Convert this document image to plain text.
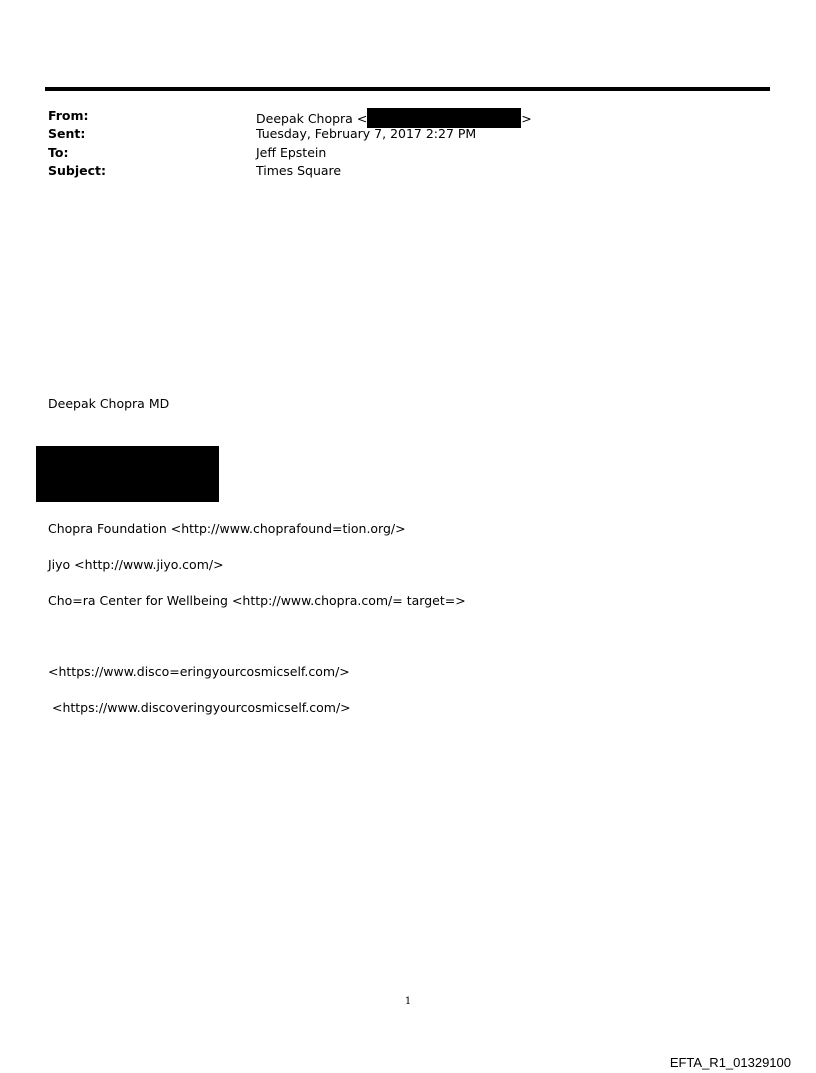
From:	Deepak Chopra <	>
Sent:	Tuesday, February 7, 2017 2:27 PM
To:	Jeff Epstein
Subject:	Times Square
Deepak Chopra MD
Chopra Foundation <http://www.choprafound=tion.org/>
Jiyo <http://www.jiyo.com/>
Cho=ra Center for Wellbeing <http://www.chopra.com/= target=>
<https://www.disco=eringyourcosmicself.com/>
<https://www.discoveringyourcosmicself.com/>
1
EFTA_R1_01329100
